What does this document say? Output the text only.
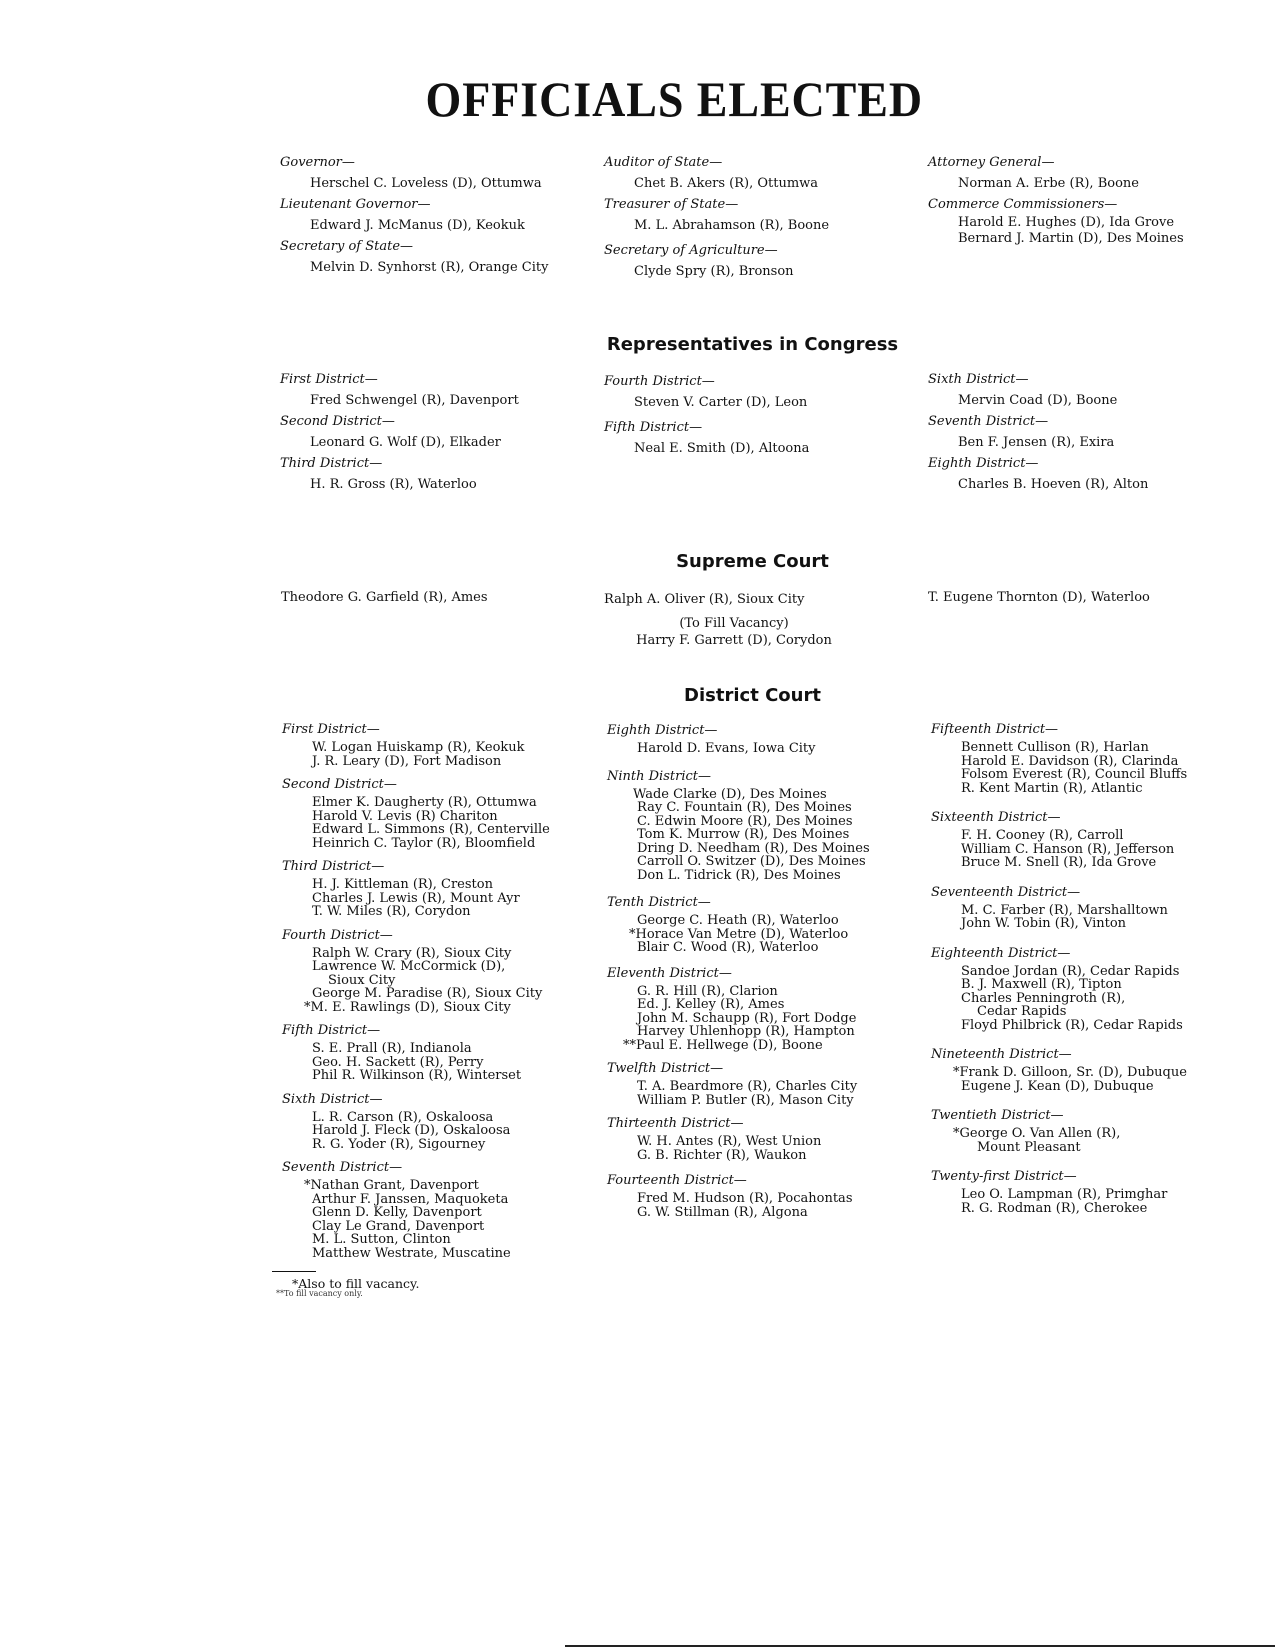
OFFICIALS ELECTED
Governor—
Herschel C. Loveless (D), Ottumwa
Lieutenant Governor—
Edward J. McManus (D), Keokuk
Secretary of State—
Melvin D. Synhorst (R), Orange City
Auditor of State—
Chet B. Akers (R), Ottumwa
Treasurer of State—
M. L. Abrahamson (R), Boone
Secretary of Agriculture—
Clyde Spry (R), Bronson
Attorney General—
Norman A. Erbe (R), Boone
Commerce Commissioners—
Harold E. Hughes (D), Ida Grove
Bernard J. Martin (D), Des Moines
Representatives in Congress
First District—
Fred Schwengel (R), Davenport
Second District—
Leonard G. Wolf (D), Elkader
Third District—
H. R. Gross (R), Waterloo
Fourth District—
Steven V. Carter (D), Leon
Fifth District—
Neal E. Smith (D), Altoona
Sixth District—
Mervin Coad (D), Boone
Seventh District—
Ben F. Jensen (R), Exira
Eighth District—
Charles B. Hoeven (R), Alton
Supreme Court
Theodore G. Garfield (R), Ames	Ralph A. Oliver (R), Sioux City
(To Fill Vacancy)
Harry F. Garrett (D), Corydon
T. Eugene Thornton (D), Waterloo
District Court
First District—
W. Logan Huiskamp (R), Keokuk
J. R. Leary (D), Fort Madison
Second District—
Elmer K. Daugherty (R), Ottumwa
Harold V. Levis (R) Chariton
Edward L. Simmons (R), Centerville
Heinrich C. Taylor (R), Bloomfield
Third District—
H. J. Kittleman (R), Creston
Charles J. Lewis (R), Mount Ayr
T. W. Miles (R), Corydon
Fourth District—
Ralph W. Crary (R), Sioux City
Lawrence W. McCormick (D),
Sioux City
George M. Paradise (R), Sioux City
*M. E. Rawlings (D), Sioux City
Fifth District—
S. E. Prall (R), Indianola
Geo. H. Sackett (R), Perry
Phil R. Wilkinson (R), Winterset
Sixth District—
L. R. Carson (R), Oskaloosa
Harold J. Fleck (D), Oskaloosa
R. G. Yoder (R), Sigourney
Seventh District—
*Nathan Grant, Davenport
Arthur F. Janssen, Maquoketa
Glenn D. Kelly, Davenport
Clay Le Grand, Davenport
M. L. Sutton, Clinton
Matthew Westrate, Muscatine
Eighth District—
Harold D. Evans, Iowa City
Ninth District—
Wade Clarke (D), Des Moines
Ray C. Fountain (R), Des Moines
C. Edwin Moore (R), Des Moines
Tom K. Murrow (R), Des Moines
Dring D. Needham (R), Des Moines
Carroll O. Switzer (D), Des Moines
Don L. Tidrick (R), Des Moines
Tenth District—
George C. Heath (R), Waterloo
*Horace Van Metre (D), Waterloo
Blair C. Wood (R), Waterloo
Eleventh District—
G. R. Hill (R), Clarion
Ed. J. Kelley (R), Ames
John M. Schaupp (R), Fort Dodge
Harvey Uhlenhopp (R), Hampton
**Paul E. Hellwege (D), Boone
Twelfth District—
T. A. Beardmore (R), Charles City
William P. Butler (R), Mason City
Thirteenth District—
W. H. Antes (R), West Union
G. B. Richter (R), Waukon
Fourteenth District—
Fred M. Hudson (R), Pocahontas
G. W. Stillman (R), Algona
Fifteenth District—
Bennett Cullison (R), Harlan
Harold E. Davidson (R), Clarinda
Folsom Everest (R), Council Bluffs
R. Kent Martin (R), Atlantic
Sixteenth District—
F. H. Cooney (R), Carroll
William C. Hanson (R), Jefferson
Bruce M. Snell (R), Ida Grove
Seventeenth District—
M. C. Farber (R), Marshalltown
John W. Tobin (R), Vinton
Eighteenth District—
Sandoe Jordan (R), Cedar Rapids
B. J. Maxwell (R), Tipton
Charles Penningroth (R),
Cedar Rapids
Floyd Philbrick (R), Cedar Rapids
Nineteenth District—
*Frank D. Gilloon, Sr. (D), Dubuque
Eugene J. Kean (D), Dubuque
Twentieth District—
*George O. Van Allen (R),
Mount Pleasant
Twenty-first District—
Leo O. Lampman (R), Primghar
R. G. Rodman (R), Cherokee
*Also to fill vacancy.
**To fill vacancy only.
